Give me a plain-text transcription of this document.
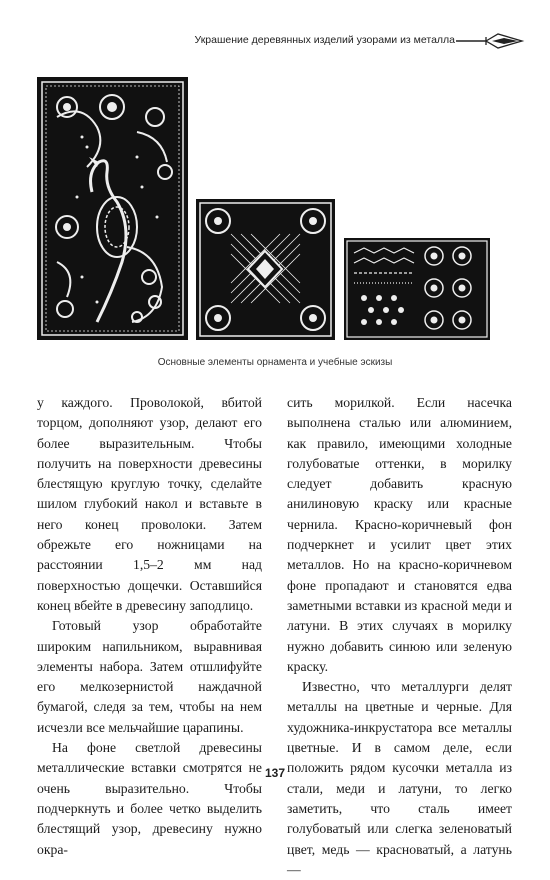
Украшение деревянных изделий узорами из металла
Основные элементы орнамента и учебные эскизы

у каждого. Проволокой, вбитой торцом, дополняют узор, делают его более выразительным. Чтобы получить на поверхности древесины блестящую круглую точку, сделайте шилом глубокий накол и вставьте в него конец проволоки. Затем обрежьте его ножницами на расстоянии 1,5–2 мм над поверхностью дощечки. Оставшийся конец вбейте в древесину заподлицо.

Готовый узор обработайте широким напильником, выравнивая элементы набора. Затем отшлифуйте его мелкозернистой наждачной бумагой, следя за тем, чтобы на нем исчезли все мельчайшие царапины.

На фоне светлой древесины металлические вставки смотрятся не очень выразительно. Чтобы подчеркнуть и более четко выделить блестящий узор, древесину нужно окра-

сить морилкой. Если насечка выполнена сталью или алюминием, как правило, имеющими холодные голубоватые оттенки, в морилку следует добавить красную анилиновую краску или красные чернила. Красно-коричневый фон подчеркнет и усилит цвет этих металлов. Но на красно-коричневом фоне пропадают и становятся едва заметными вставки из красной меди и латуни. В этих случаях в морилку нужно добавить синюю или зеленую краску.

Известно, что металлурги делят металлы на цветные и черные. Для художника-инкрустатора все металлы цветные. И в самом деле, если положить рядом кусочки металла из стали, меди и латуни, то легко заметить, что сталь имеет голубоватый или слегка зеленоватый цвет, медь — красноватый, а латунь —

137
